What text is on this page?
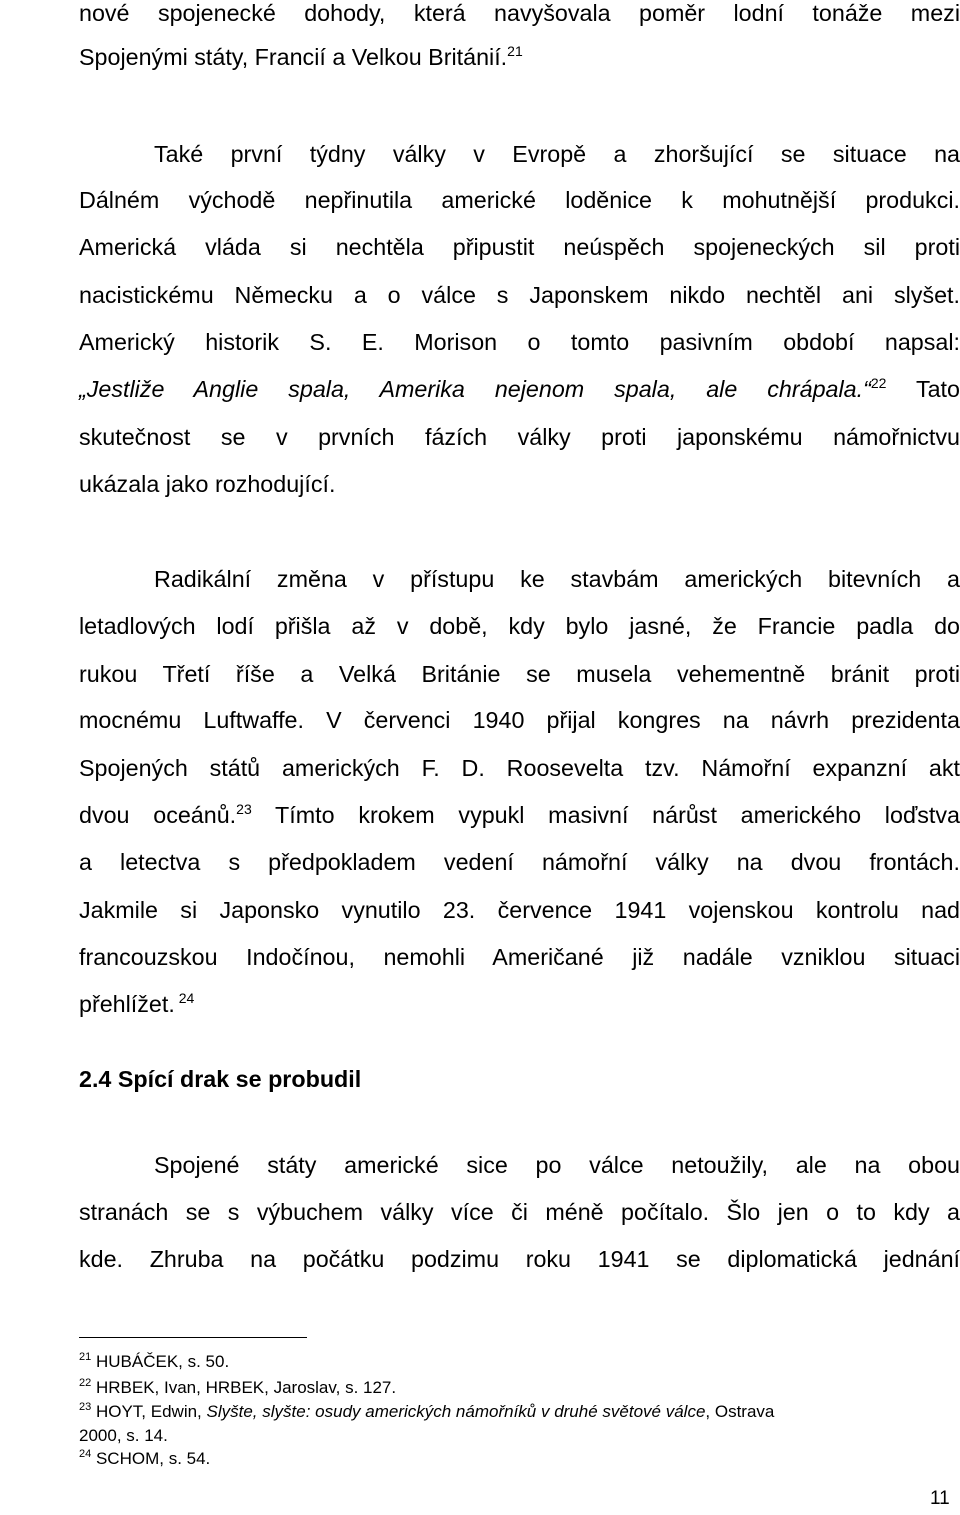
nové spojenecké dohody, která navyšovala poměr lodní tonáže mezi
Spojenými státy, Francií a Velkou Británií.$^{21}$
Také první týdny války v Evropě a zhoršující se situace na
Dálném východě nepřinutila americké loděnice k mohutnější produkci.
Americká vláda si nechtěla připustit neúspěch spojeneckých sil proti
nacistickému Německu a o válce s Japonskem nikdo nechtěl ani slyšet.
Americký historik S. E. Morison o tomto pasivním období napsal:
„Jestliže Anglie spala, Amerika nejenom spala, ale chrápala.“$^{22}$ Tato
skutečnost se v prvních fázích války proti japonskému námořnictvu
ukázala jako rozhodující.
Radikální změna v přístupu ke stavbám amerických bitevních a
letadlových lodí přišla až v době, kdy bylo jasné, že Francie padla do
rukou Třetí říše a Velká Británie se musela vehementně bránit proti
mocnému Luftwaffe. V červenci 1940 přijal kongres na návrh prezidenta
Spojených států amerických F. D. Roosevelta tzv. Námořní expanzní akt
dvou oceánů.$^{23}$ Tímto krokem vypukl masivní nárůst amerického loďstva
a letectva s předpokladem vedení námořní války na dvou frontách.
Jakmile si Japonsko vynutilo 23. července 1941 vojenskou kontrolu nad
francouzskou Indočínou, nemohli Američané již nadále vzniklou situaci
přehlížet. $^{24}$
2.4 Spící drak se probudil
Spojené státy americké sice po válce netoužily, ale na obou
stranách se s výbuchem války více či méně počítalo. Šlo jen o to kdy a
kde. Zhruba na počátku podzimu roku 1941 se diplomatická jednání
$^{21}$ HUBÁČEK, s. 50.
$^{22}$ HRBEK, Ivan, HRBEK, Jaroslav, s. 127.
$^{23}$ HOYT, Edwin, Slyšte, slyšte: osudy amerických námořníků v druhé světové válce, Ostrava
2000, s. 14.
$^{24}$ SCHOM, s. 54.
11
